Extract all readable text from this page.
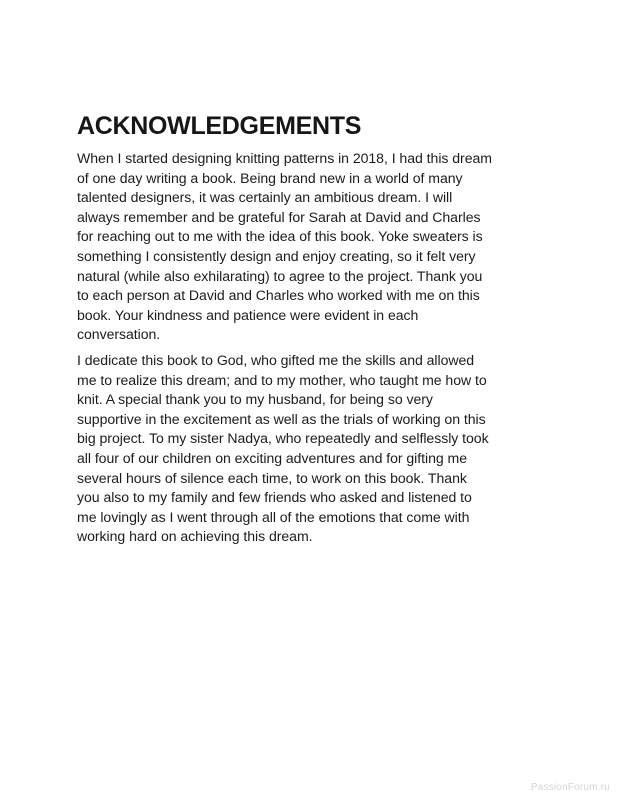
ACKNOWLEDGEMENTS

When I started designing knitting patterns in 2018, I had this dream
of one day writing a book. Being brand new in a world of many
talented designers, it was certainly an ambitious dream. I will
always remember and be grateful for Sarah at David and Charles
for reaching out to me with the idea of this book. Yoke sweaters is
something I consistently design and enjoy creating, so it felt very
natural (while also exhilarating) to agree to the project. Thank you
to each person at David and Charles who worked with me on this
book. Your kindness and patience were evident in each
conversation.

I dedicate this book to God, who gifted me the skills and allowed
me to realize this dream; and to my mother, who taught me how to
knit. A special thank you to my husband, for being so very
supportive in the excitement as well as the trials of working on this
big project. To my sister Nadya, who repeatedly and selflessly took
all four of our children on exciting adventures and for gifting me
several hours of silence each time, to work on this book. Thank
you also to my family and few friends who asked and listened to
me lovingly as I went through all of the emotions that come with
working hard on achieving this dream.

PassionForum.ru
